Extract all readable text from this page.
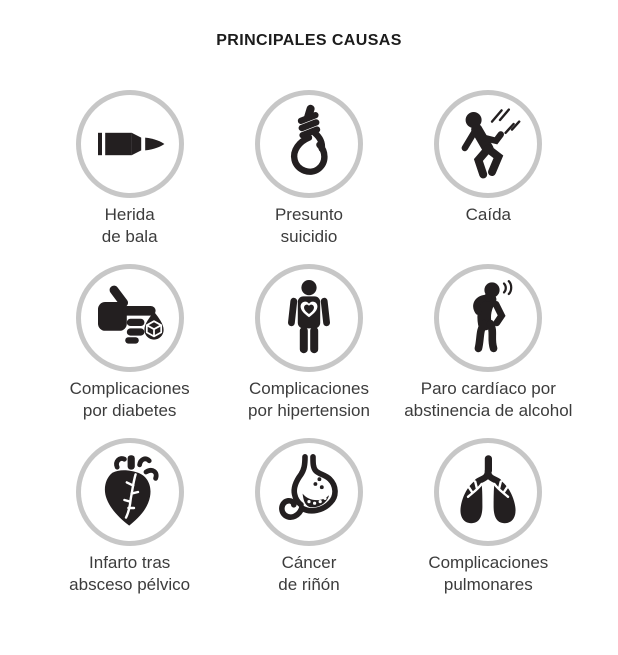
PRINCIPALES CAUSAS
Herida
de bala
Presunto
suicidio
Caída
Complicaciones
por diabetes
Complicaciones
por hipertension
Paro cardíaco por
abstinencia de alcohol
Infarto tras
absceso pélvico
Cáncer
de riñón
Complicaciones
pulmonares
